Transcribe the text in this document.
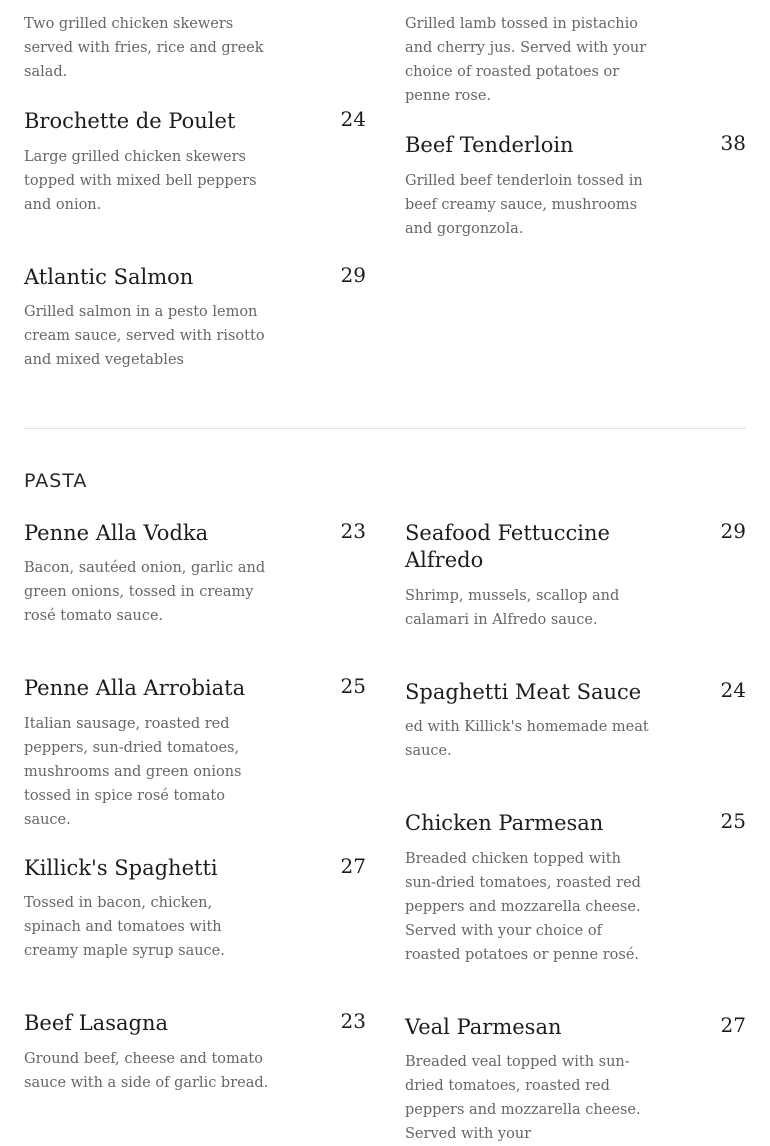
Two grilled chicken skewers served with fries, rice and greek salad.

Grilled lamb tossed in pistachio and cherry jus. Served with your choice of roasted potatoes or penne rose.

Brochette de Poulet	24

Large grilled chicken skewers topped with mixed bell peppers and onion.

Atlantic Salmon	29

Grilled salmon in a pesto lemon cream sauce, served with risotto and mixed vegetables

Beef Tenderloin	38

Grilled beef tenderloin tossed in beef creamy sauce, mushrooms and gorgonzola.

PASTA
Penne Alla Vodka	23

Bacon, sautéed onion, garlic and green onions, tossed in creamy rosé tomato sauce.

Penne Alla Arrobiata	25

Italian sausage, roasted red peppers, sun-dried tomatoes, mushrooms and green onions tossed in spice rosé tomato sauce.

Killick's Spaghetti	27

Tossed in bacon, chicken, spinach and tomatoes with creamy maple syrup sauce.

Beef Lasagna	23

Ground beef, cheese and tomato sauce with a side of garlic bread.

Seafood Fettuccine Alfredo
29

Shrimp, mussels, scallop and calamari in Alfredo sauce.

Spaghetti Meat Sauce	24

ed with Killick's homemade meat sauce.

Chicken Parmesan	25

Breaded chicken topped with sun-dried tomatoes, roasted red peppers and mozzarella cheese. Served with your choice of roasted potatoes or penne rosé.

Veal Parmesan	27

Breaded veal topped with sun-dried tomatoes, roasted red peppers and mozzarella cheese. Served with your
